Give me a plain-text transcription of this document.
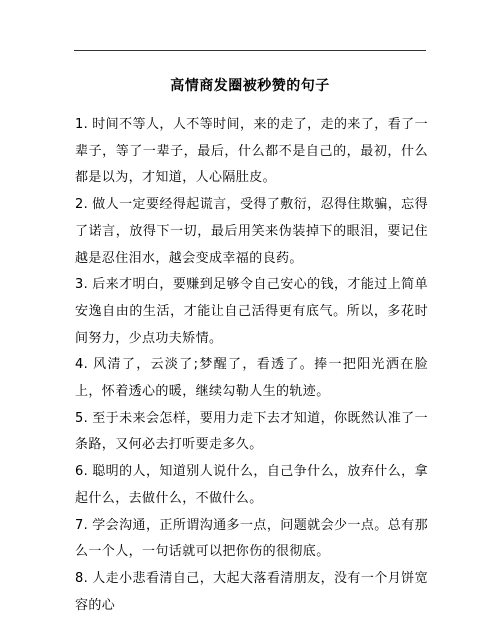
高情商发圈被秒赞的句子

1. 时间不等人，人不等时间，来的走了，走的来了，看了一辈子，等了一辈子，最后，什么都不是自己的，最初，什么都是以为，才知道，人心隔肚皮。

2. 做人一定要经得起谎言，受得了敷衍，忍得住欺骗，忘得了诺言，放得下一切，最后用笑来伪装掉下的眼泪，要记住越是忍住泪水，越会变成幸福的良药。

3. 后来才明白，要赚到足够令自己安心的钱，才能过上简单安逸自由的生活，才能让自己活得更有底气。所以，多花时间努力，少点功夫矫情。

4. 风清了，云淡了;梦醒了，看透了。捧一把阳光洒在脸上，怀着透心的暖，继续勾勒人生的轨迹。

5. 至于未来会怎样，要用力走下去才知道，你既然认准了一条路，又何必去打听要走多久。

6. 聪明的人，知道别人说什么，自己争什么，放弃什么，拿起什么，去做什么，不做什么。

7. 学会沟通，正所谓沟通多一点，问题就会少一点。总有那么一个人，一句话就可以把你伤的很彻底。

8. 人走小悲看清自己，大起大落看清朋友，没有一个月饼宽容的心
